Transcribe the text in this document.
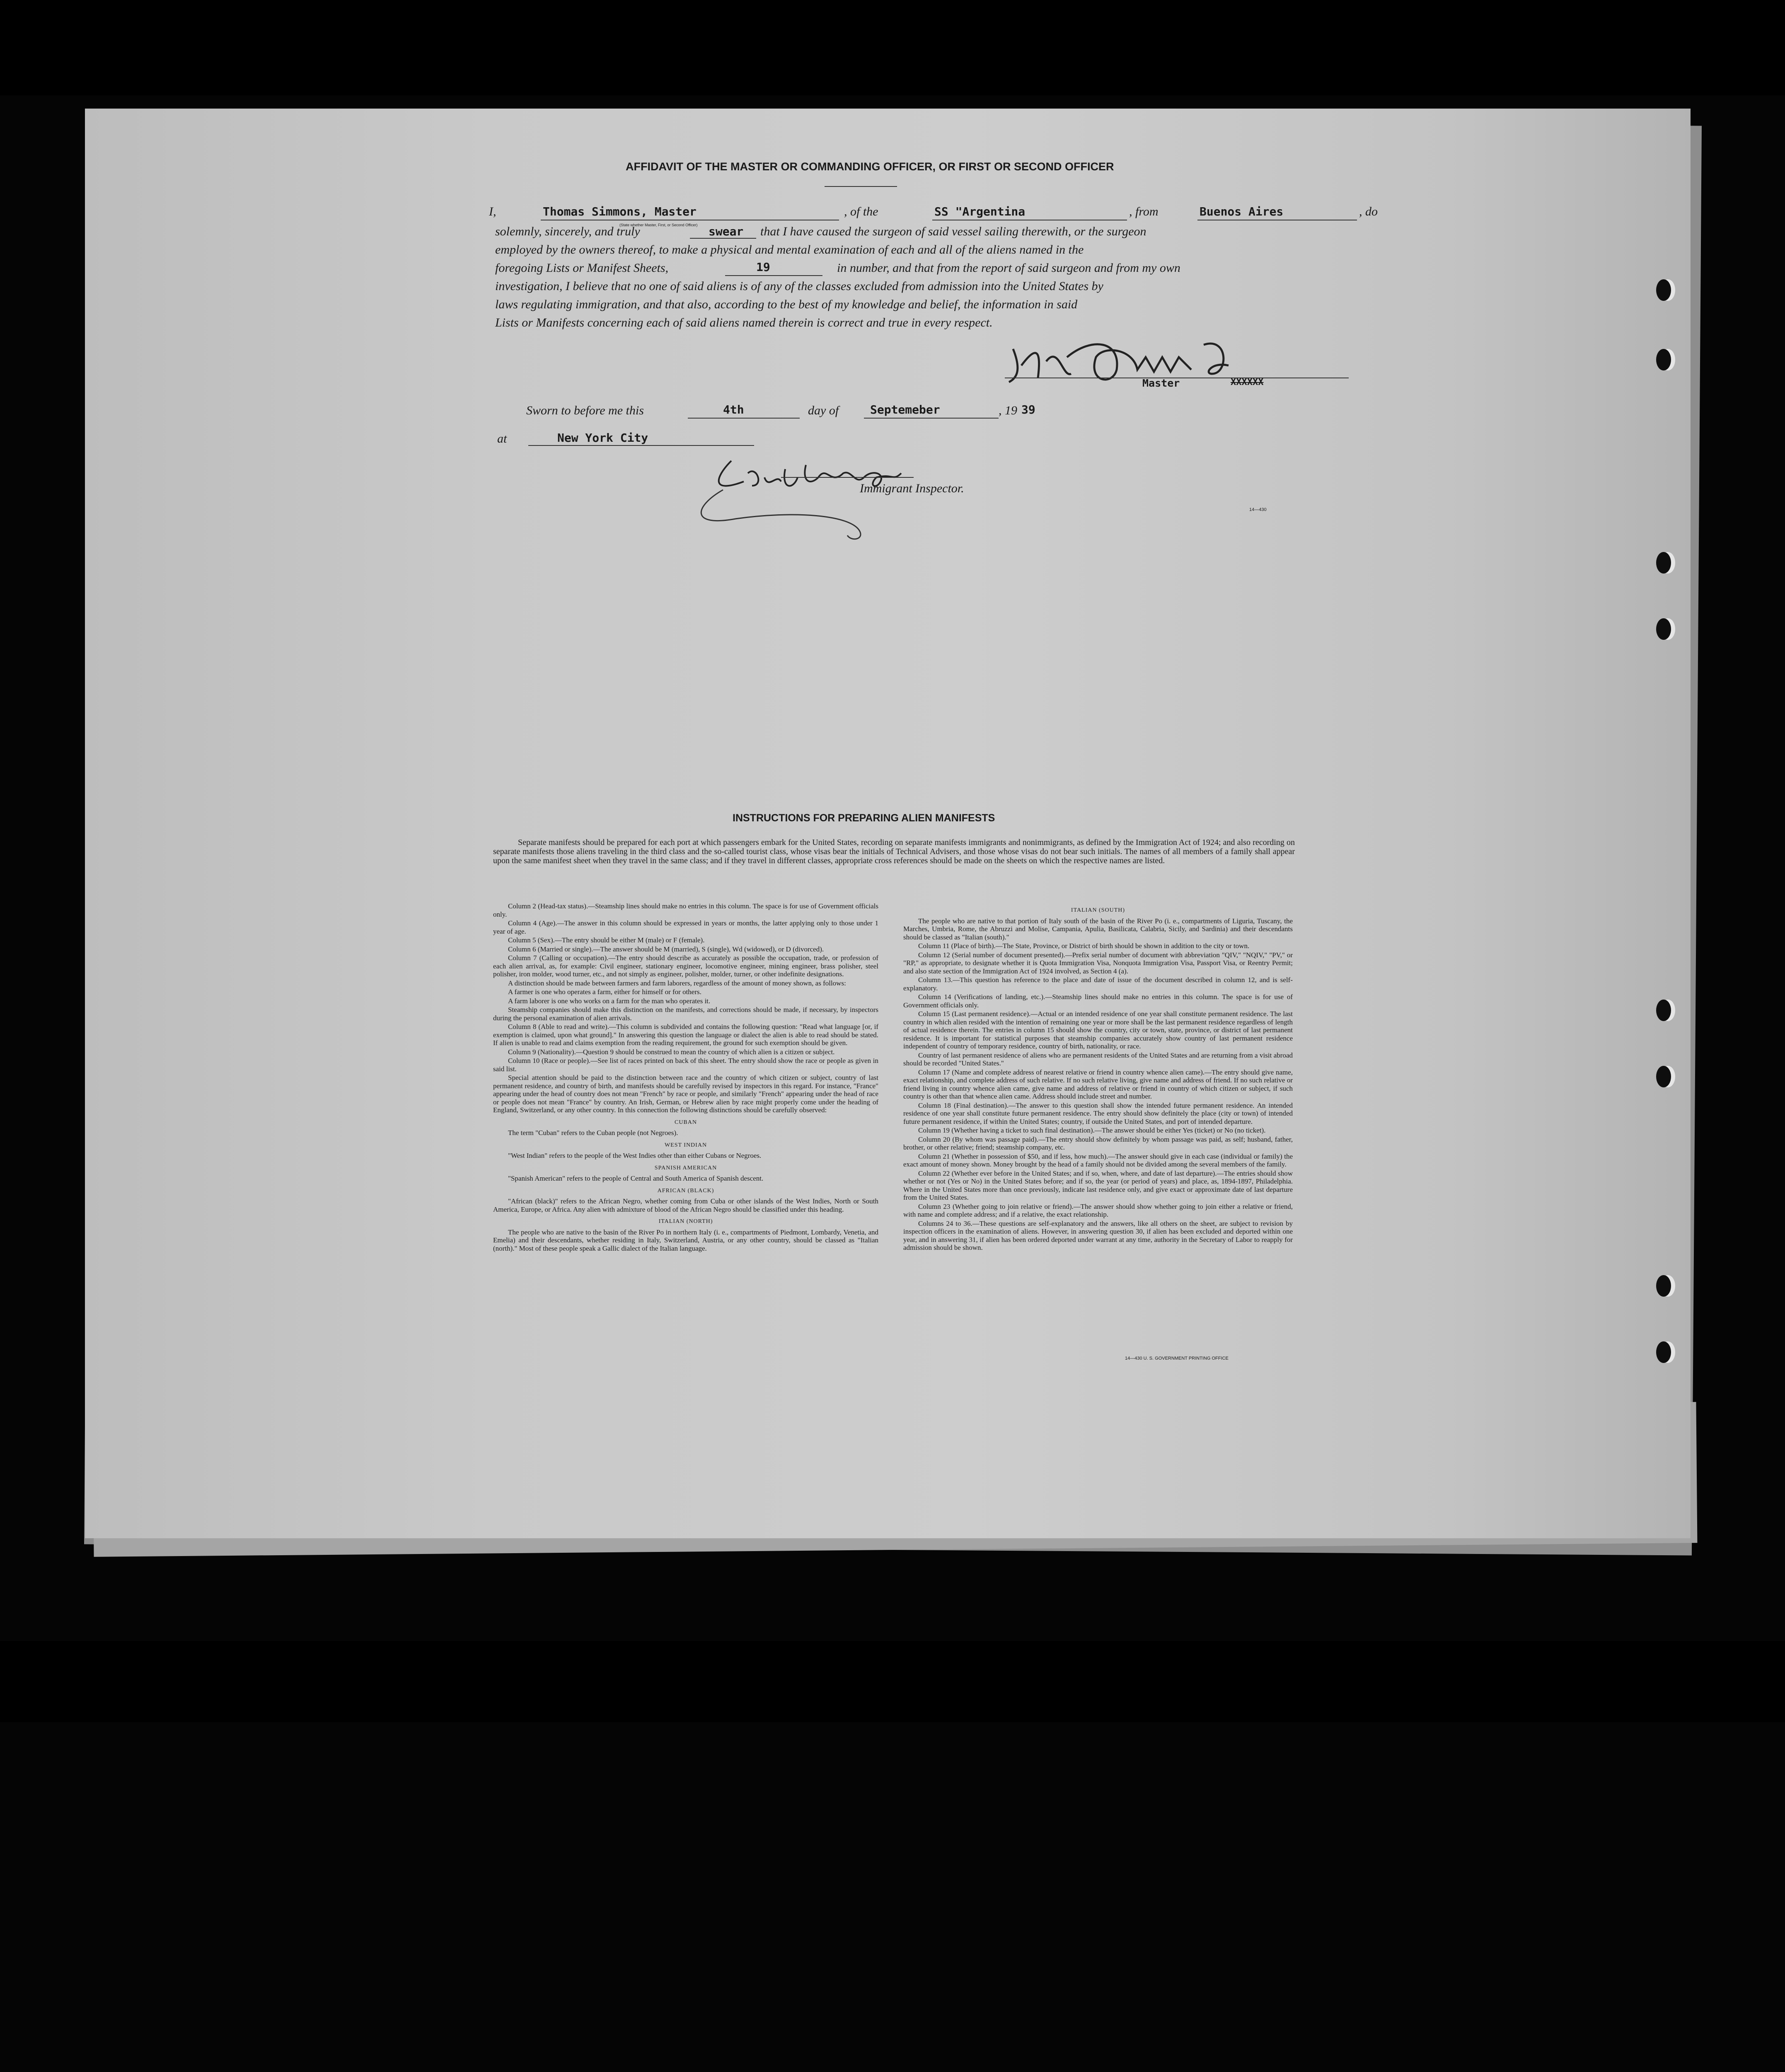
AFFIDAVIT OF THE MASTER OR COMMANDING OFFICER, OR FIRST OR SECOND OFFICER
I,	Thomas Simmons, Master
(State whether Master, First, or Second Officer)
, of the	SS "Argentina	, from	Buenos Aires	, do
solemnly, sincerely, and truly	swear that I have caused the surgeon of said vessel sailing therewith, or the surgeon
employed by the owners thereof, to make a physical and mental examination of each and all of the aliens named in the
foregoing Lists or Manifest Sheets,	19	in number, and that from the report of said surgeon and from my own
investigation, I believe that no one of said aliens is of any of the classes excluded from admission into the United States by
laws regulating immigration, and that also, according to the best of my knowledge and belief, the information in said
Lists or Manifests concerning each of said aliens named therein is correct and true in every respect.
Master	XXXXXX
Sworn to before me this	4th	day of	Septemeber	, 19 39
at	New York City
Immigrant Inspector.
14—430
INSTRUCTIONS FOR PREPARING ALIEN MANIFESTS
Separate manifests should be prepared for each port at which passengers embark for the United States, recording on separate manifests immigrants and nonimmigrants, as defined by the Immigration Act of 1924; and also recording on separate manifests those aliens traveling in the third class and the so-called tourist class, whose visas bear the initials of Technical Advisers, and those whose visas do not bear such initials. The names of all members of a family shall appear upon the same manifest sheet when they travel in the same class; and if they travel in different classes, appropriate cross references should be made on the sheets on which the respective names are listed.

Column 2 (Head-tax status).—Steamship lines should make no entries in this column. The space is for use of Government officials only.

Column 4 (Age).—The answer in this column should be expressed in years or months, the latter applying only to those under 1 year of age.

Column 5 (Sex).—The entry should be either M (male) or F (female).

Column 6 (Married or single).—The answer should be M (married), S (single), Wd (widowed), or D (divorced).

Column 7 (Calling or occupation).—The entry should describe as accurately as possible the occupation, trade, or profession of each alien arrival, as, for example: Civil engineer, stationary engineer, locomotive engineer, mining engineer, brass polisher, steel polisher, iron molder, wood turner, etc., and not simply as engineer, polisher, molder, turner, or other indefinite designations.

A distinction should be made between farmers and farm laborers, regardless of the amount of money shown, as follows:

A farmer is one who operates a farm, either for himself or for others.

A farm laborer is one who works on a farm for the man who operates it.

Steamship companies should make this distinction on the manifests, and corrections should be made, if necessary, by inspectors during the personal examination of alien arrivals.

Column 8 (Able to read and write).—This column is subdivided and contains the following question: "Read what language [or, if exemption is claimed, upon what ground]." In answering this question the language or dialect the alien is able to read should be stated. If alien is unable to read and claims exemption from the reading requirement, the ground for such exemption should be given.

Column 9 (Nationality).—Question 9 should be construed to mean the country of which alien is a citizen or subject.

Column 10 (Race or people).—See list of races printed on back of this sheet. The entry should show the race or people as given in said list.

Special attention should be paid to the distinction between race and the country of which citizen or subject, country of last permanent residence, and country of birth, and manifests should be carefully revised by inspectors in this regard. For instance, "France" appearing under the head of country does not mean "French" by race or people, and similarly "French" appearing under the head of race or people does not mean "France" by country. An Irish, German, or Hebrew alien by race might properly come under the heading of England, Switzerland, or any other country. In this connection the following distinctions should be carefully observed:

CUBAN

The term "Cuban" refers to the Cuban people (not Negroes).

WEST INDIAN

"West Indian" refers to the people of the West Indies other than either Cubans or Negroes.

SPANISH AMERICAN

"Spanish American" refers to the people of Central and South America of Spanish descent.

AFRICAN (BLACK)

"African (black)" refers to the African Negro, whether coming from Cuba or other islands of the West Indies, North or South America, Europe, or Africa. Any alien with admixture of blood of the African Negro should be classified under this heading.

ITALIAN (NORTH)

The people who are native to the basin of the River Po in northern Italy (i. e., compartments of Piedmont, Lombardy, Venetia, and Emelia) and their descendants, whether residing in Italy, Switzerland, Austria, or any other country, should be classed as "Italian (north)." Most of these people speak a Gallic dialect of the Italian language.

ITALIAN (SOUTH)

The people who are native to that portion of Italy south of the basin of the River Po (i. e., compartments of Liguria, Tuscany, the Marches, Umbria, Rome, the Abruzzi and Molise, Campania, Apulia, Basilicata, Calabria, Sicily, and Sardinia) and their descendants should be classed as "Italian (south)."

Column 11 (Place of birth).—The State, Province, or District of birth should be shown in addition to the city or town.

Column 12 (Serial number of document presented).—Prefix serial number of document with abbreviation "QIV," "NQIV," "PV," or "RP," as appropriate, to designate whether it is Quota Immigration Visa, Nonquota Immigration Visa, Passport Visa, or Reentry Permit; and also state section of the Immigration Act of 1924 involved, as Section 4 (a).

Column 13.—This question has reference to the place and date of issue of the document described in column 12, and is self-explanatory.

Column 14 (Verifications of landing, etc.).—Steamship lines should make no entries in this column. The space is for use of Government officials only.

Column 15 (Last permanent residence).—Actual or an intended residence of one year shall constitute permanent residence. The last country in which alien resided with the intention of remaining one year or more shall be the last permanent residence regardless of length of actual residence therein. The entries in column 15 should show the country, city or town, state, province, or district of last permanent residence. It is important for statistical purposes that steamship companies accurately show country of last permanent residence independent of country of temporary residence, country of birth, nationality, or race.

Country of last permanent residence of aliens who are permanent residents of the United States and are returning from a visit abroad should be recorded "United States."

Column 17 (Name and complete address of nearest relative or friend in country whence alien came).—The entry should give name, exact relationship, and complete address of such relative. If no such relative living, give name and address of friend. If no such relative or friend living in country whence alien came, give name and address of relative or friend in country of which citizen or subject, if such country is other than that whence alien came. Address should include street and number.

Column 18 (Final destination).—The answer to this question shall show the intended future permanent residence. An intended residence of one year shall constitute future permanent residence. The entry should show definitely the place (city or town) of intended future permanent residence, if within the United States; country, if outside the United States, and port of intended departure.

Column 19 (Whether having a ticket to such final destination).—The answer should be either Yes (ticket) or No (no ticket).

Column 20 (By whom was passage paid).—The entry should show definitely by whom passage was paid, as self; husband, father, brother, or other relative; friend; steamship company, etc.

Column 21 (Whether in possession of $50, and if less, how much).—The answer should give in each case (individual or family) the exact amount of money shown. Money brought by the head of a family should not be divided among the several members of the family.

Column 22 (Whether ever before in the United States; and if so, when, where, and date of last departure).—The entries should show whether or not (Yes or No) in the United States before; and if so, the year (or period of years) and place, as, 1894-1897, Philadelphia. Where in the United States more than once previously, indicate last residence only, and give exact or approximate date of last departure from the United States.

Column 23 (Whether going to join relative or friend).—The answer should show whether going to join either a relative or friend, with name and complete address; and if a relative, the exact relationship.

Columns 24 to 36.—These questions are self-explanatory and the answers, like all others on the sheet, are subject to revision by inspection officers in the examination of aliens. However, in answering question 30, if alien has been excluded and deported within one year, and in answering 31, if alien has been ordered deported under warrant at any time, authority in the Secretary of Labor to reapply for admission should be shown.

14—430 U. S. GOVERNMENT PRINTING OFFICE
